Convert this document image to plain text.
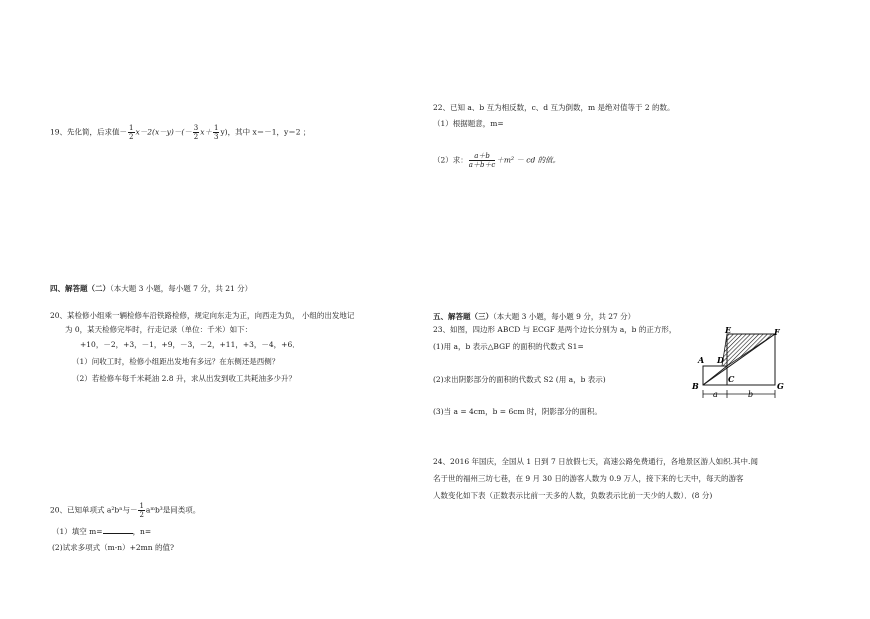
19、先化简，后求值－ $\frac{1}{2} x-2(x-y)-(- \frac{3}{2} x+ \frac{1}{3} y)$，其中 x＝－1，y＝2 ；
22、已知 a、b 互为相反数，c、d 互为倒数，m 是绝对值等于 2 的数。
（1）根据题意，m=
（2）求： $\frac{a+b}{a+b+c} +m^2$ － cd 的值。
四、解答题（二）（本大题 3 小题，每小题 7 分，共 21 分）
20、某检修小组乘一辆检修车沿铁路检修，规定向东走为正，向西走为负， 小组的出发地记
为 0，某天检修完毕时，行走记录（单位：千米）如下：
+10，－2，+3，－1，+9，－3，－2，+11，+3，－4，+6．
（1）问收工时，检修小组距出发地有多远？在东侧还是西侧？
（2）若检修车每千米耗油 2.8 升，求从出发到收工共耗油多少升？
20、已知单项式 a²bⁿ与－ $\frac{1}{2}$ aᵐb³是同类项。
（1）填空 m=	，n=
(2)试求多项式（m-n）+2mn 的值?
五、解答题（三）（本大题 3 小题，每小题 9 分，共 27 分）
23、如图，四边形 ABCD 与 ECGF 是两个边长分别为 a，b 的正方形，
(1)用 a，b 表示△BGF 的面积的代数式 S1=
(2)求出阴影部分的面积的代数式 S2 (用 a，b 表示)
(3)当 a = 4cm，b = 6cm 时，阴影部分的面积。
a	b
A D
E	F
B
C
G
24、2016 年国庆，全国从 1 日到 7 日放假七天，高速公路免费通行，各地景区游人如织.其中.闻
名于世的福州三坊七巷，在 9 月 30 日的游客人数为 0.9 万人，接下来的七天中，每天的游客
人数变化如下表（正数表示比前一天多的人数，负数表示比前一天少的人数）．(8 分)
